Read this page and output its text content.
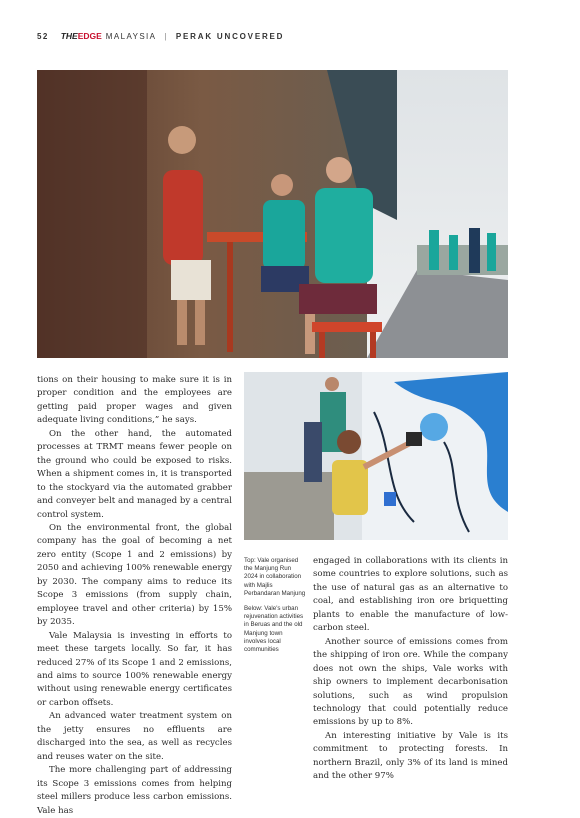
52 THEEDGE MALAYSIA | PERAK UNCOVERED

tions on their housing to make sure it is in proper condition and the employees are getting paid proper wages and given adequate living conditions,” he says.

On the other hand, the automated processes at TRMT means fewer people on the ground who could be exposed to risks. When a shipment comes in, it is transported to the stockyard via the automated grabber and conveyer belt and managed by a central control system.

On the environmental front, the global company has the goal of becoming a net zero entity (Scope 1 and 2 emissions) by 2050 and achieving 100% renewable energy by 2030. The company aims to reduce its Scope 3 emissions (from supply chain, employee travel and other criteria) by 15% by 2035.

Vale Malaysia is investing in efforts to meet these targets locally. So far, it has reduced 27% of its Scope 1 and 2 emissions, and aims to source 100% renewable energy without using renewable energy certificates or carbon offsets.

An advanced water treatment system on the jetty ensures no effluents are discharged into the sea, as well as recycles and reuses water on the site.

The more challenging part of addressing its Scope 3 emissions comes from helping steel millers produce less carbon emissions. Vale has

Top: Vale organised the Manjung Run 2024 in collaboration with Majlis Perbandaran Manjung

Below: Vale's urban rejuvenation activities in Beruas and the old Manjung town involves local communities

engaged in collaborations with its clients in some countries to explore solutions, such as the use of natural gas as an alternative to coal, and establishing iron ore briquetting plants to enable the manufacture of low-carbon steel.

Another source of emissions comes from the shipping of iron ore. While the company does not own the ships, Vale works with ship owners to implement decarbonisation solutions, such as wind propulsion technology that could potentially reduce emissions by up to 8%.

An interesting initiative by Vale is its commitment to protecting forests. In northern Brazil, only 3% of its land is mined and the other 97%
